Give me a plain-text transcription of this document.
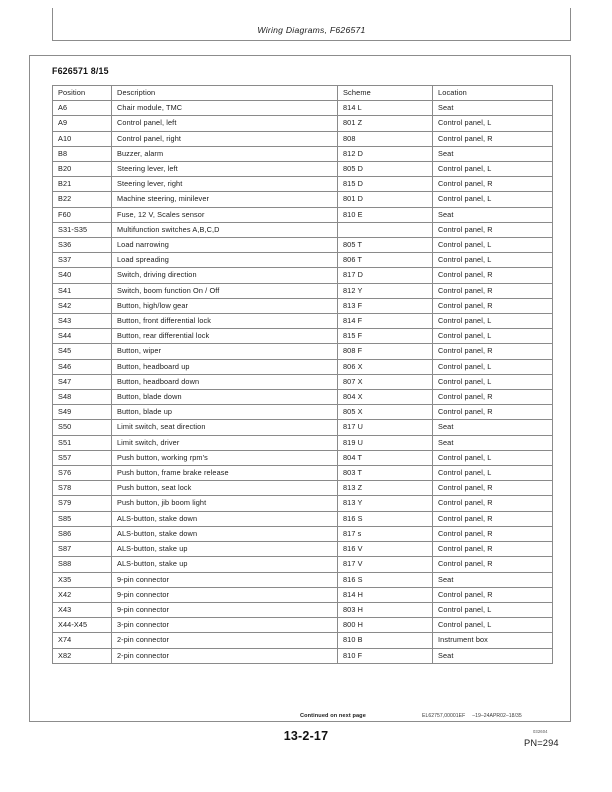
Wiring Diagrams, F626571
F626571 8/15
Position	Description	Scheme	Location
A6	Chair module, TMC	814 L	Seat
A9	Control panel, left	801 Z	Control panel, L
A10	Control panel, right	808	Control panel, R
B8	Buzzer, alarm	812 D	Seat
B20	Steering lever, left	805 D	Control panel, L
B21	Steering lever, right	815 D	Control panel, R
B22	Machine steering, minilever	801 D	Control panel, L
F60	Fuse, 12 V, Scales sensor	810 E	Seat
S31-S35	Multifunction switches A,B,C,D		Control panel, R
S36	Load narrowing	805 T	Control panel, L
S37	Load spreading	806 T	Control panel, L
S40	Switch, driving direction	817 D	Control panel, R
S41	Switch, boom function On / Off	812 Y	Control panel, R
S42	Button, high/low gear	813 F	Control panel, R
S43	Button, front differential lock	814 F	Control panel, L
S44	Button, rear differential lock	815 F	Control panel, L
S45	Button, wiper	808 F	Control panel, R
S46	Button, headboard up	806 X	Control panel, L
S47	Button, headboard down	807 X	Control panel, L
S48	Button, blade down	804 X	Control panel, R
S49	Button, blade up	805 X	Control panel, R
S50	Limit switch, seat direction	817 U	Seat
S51	Limit switch, driver	819 U	Seat
S57	Push button, working rpm's	804 T	Control panel, L
S76	Push button, frame brake release	803 T	Control panel, L
S78	Push button, seat lock	813 Z	Control panel, R
S79	Push button, jib boom light	813 Y	Control panel, R
S85	ALS-button, stake down	816 S	Control panel, R
S86	ALS-button, stake down	817 s	Control panel, R
S87	ALS-button, stake up	816 V	Control panel, R
S88	ALS-button, stake up	817 V	Control panel, R
X35	9-pin connector	816 S	Seat
X42	9-pin connector	814 H	Control panel, R
X43	9-pin connector	803 H	Control panel, L
X44-X45	3-pin connector	800 H	Control panel, L
X74	2-pin connector	810 B	Instrument box
X82	2-pin connector	810 F	Seat
Continued on next page	EL62757,00001EF –19–24APR02–18/35
13-2-17	032604
PN=294
